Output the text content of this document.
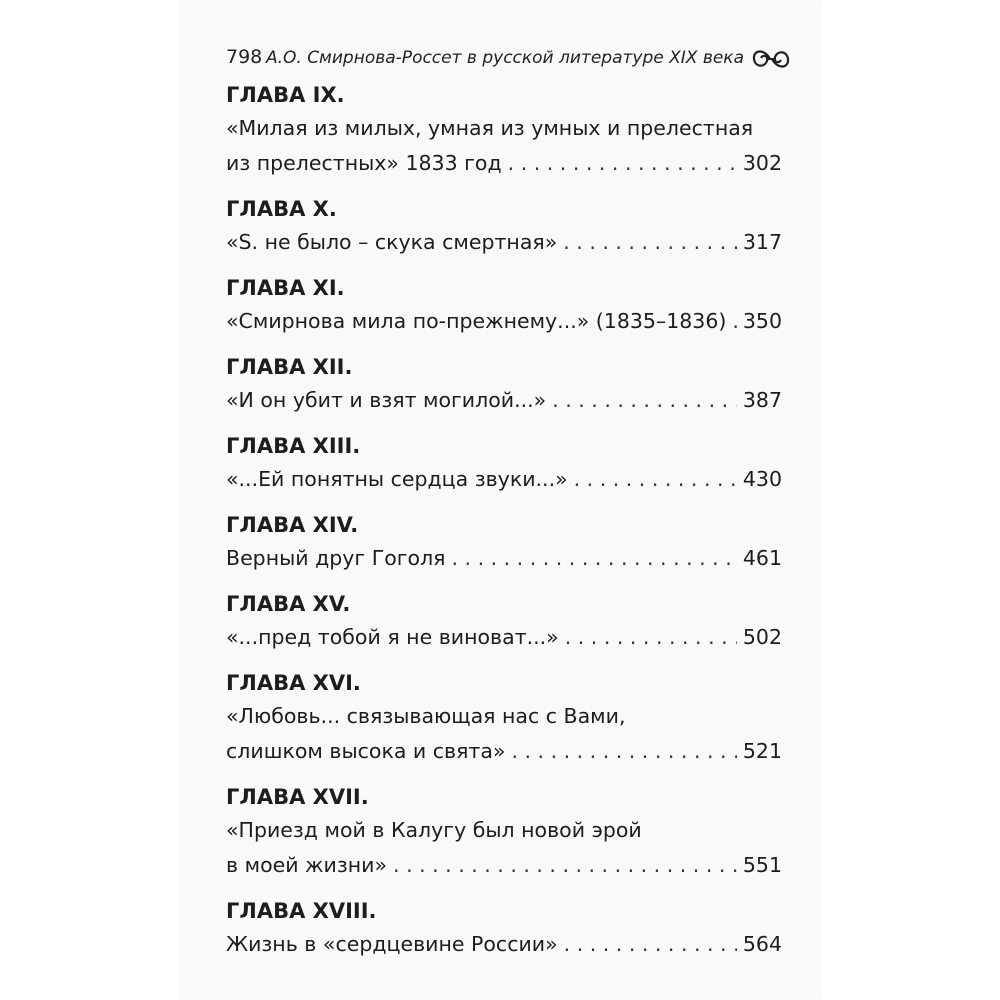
798 А.О. Смирнова-Россет в русской литературе XIX века
ГЛАВА IX.
«Милая из милых, умная из умных и прелестная
из прелестных» 1833 год . . .	302
ГЛАВА X.
«S. не было – скука смертная» . . .	317
ГЛАВА XI.
«Смирнова мила по-прежнему...» (1835–1836) . . . 350
ГЛАВА XII.
«И он убит и взят могилой...» . . .	387
ГЛАВА XIII.
«...Ей понятны сердца звуки...» . . .	430
ГЛАВА XIV.
Верный друг Гоголя . . .	461
ГЛАВА XV.
«...пред тобой я не виноват...» . . .	502
ГЛАВА XVI.
«Любовь... связывающая нас с Вами,
слишком высока и свята» . . .	521
ГЛАВА XVII.
«Приезд мой в Калугу был новой эрой
в моей жизни» . . .	551
ГЛАВА XVIII.
Жизнь в «сердцевине России» . . .	564
